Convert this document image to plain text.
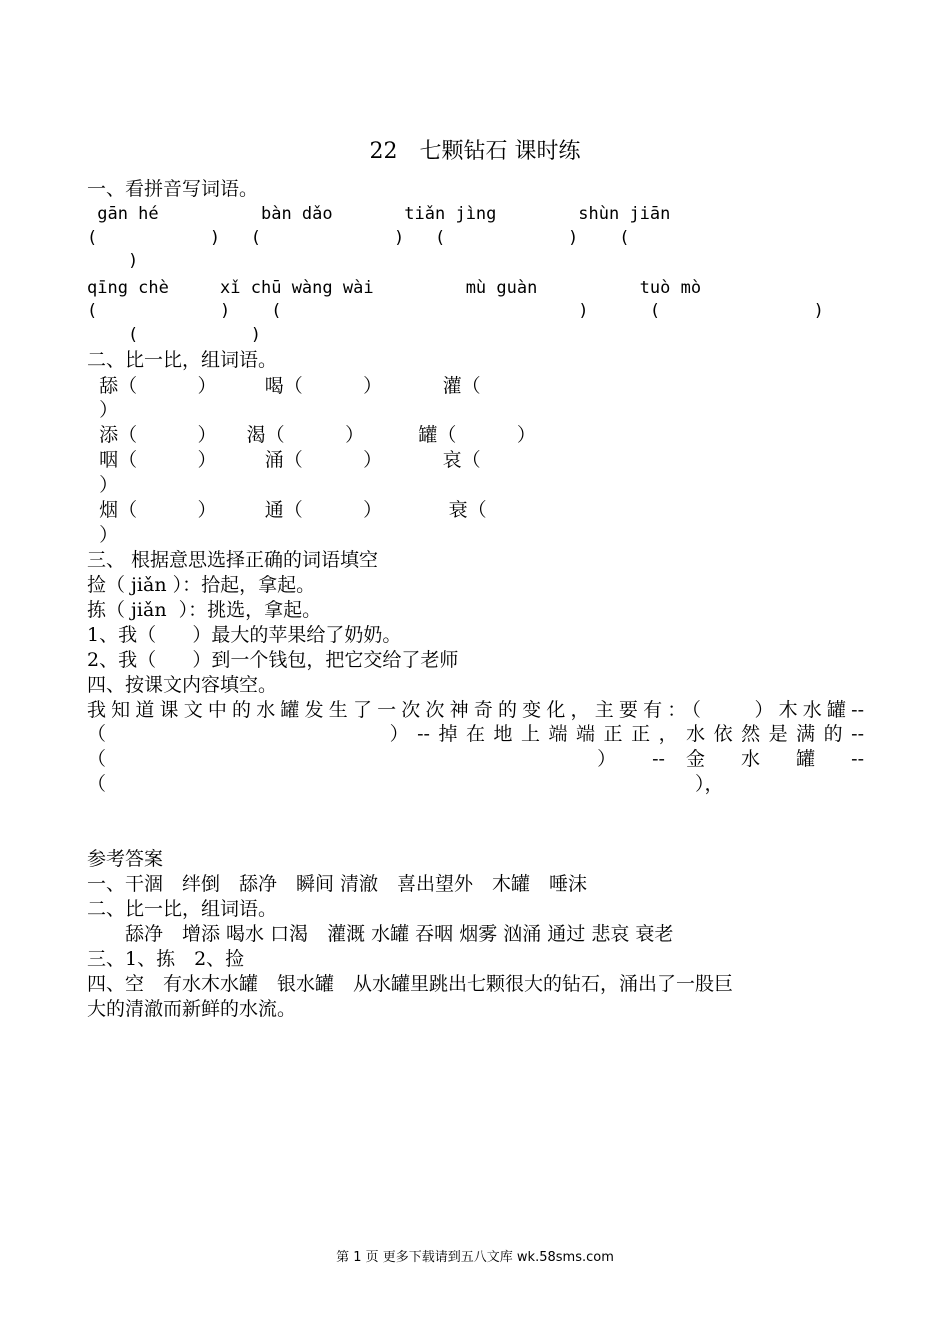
22　七颗钻石 课时练
一、看拼音写词语。
gān hé          bàn dǎo       tiǎn jìng        shùn jiān
(           )   (             )   (            )    (
)
qīng chè     xǐ chū wàng wài         mù guàn          tuò mò
(            )    (                             )      (               )
(           )
二、比一比，组词语。
舔（          ）        喝（          ）          灌（
）
添（          ）     渴（          ）         罐（          ）
咽（          ）        涌（          ）          哀（
）
烟（          ）        通（          ）           衰（
）
三、 根据意思选择正确的词语填空
捡（ jiǎn ）：拾起，拿起。
拣（ jiǎn  ）：挑选，拿起。
1、我（      ）最大的苹果给了奶奶。
2、我（      ）到一个钱包，把它交给了老师
四、按课文内容填空。
我知道课文中的水罐发生了一次次神奇的变化，主要有：（　　）木水罐--
（　　　　　　　　　　）--掉在地上端端正正，水依然是满的--
（　　　　　　　　　　　　　　） -- 金 水 罐 --
（　　　　　　　　　　　　　　　　　　　　　　　　　　　　　　　），
参考答案
一、干涸　绊倒　舔净　瞬间 清澈　喜出望外　木罐　唾沫
二、比一比，组词语。
　　舔净　增添 喝水 口渴　灌溉 水罐 吞咽 烟雾 汹涌 通过 悲哀 衰老
三、1、拣　2、捡
四、空　有水木水罐　银水罐　从水罐里跳出七颗很大的钻石，涌出了一股巨
大的清澈而新鲜的水流。
第 1 页 更多下载请到五八文库 wk.58sms.com
